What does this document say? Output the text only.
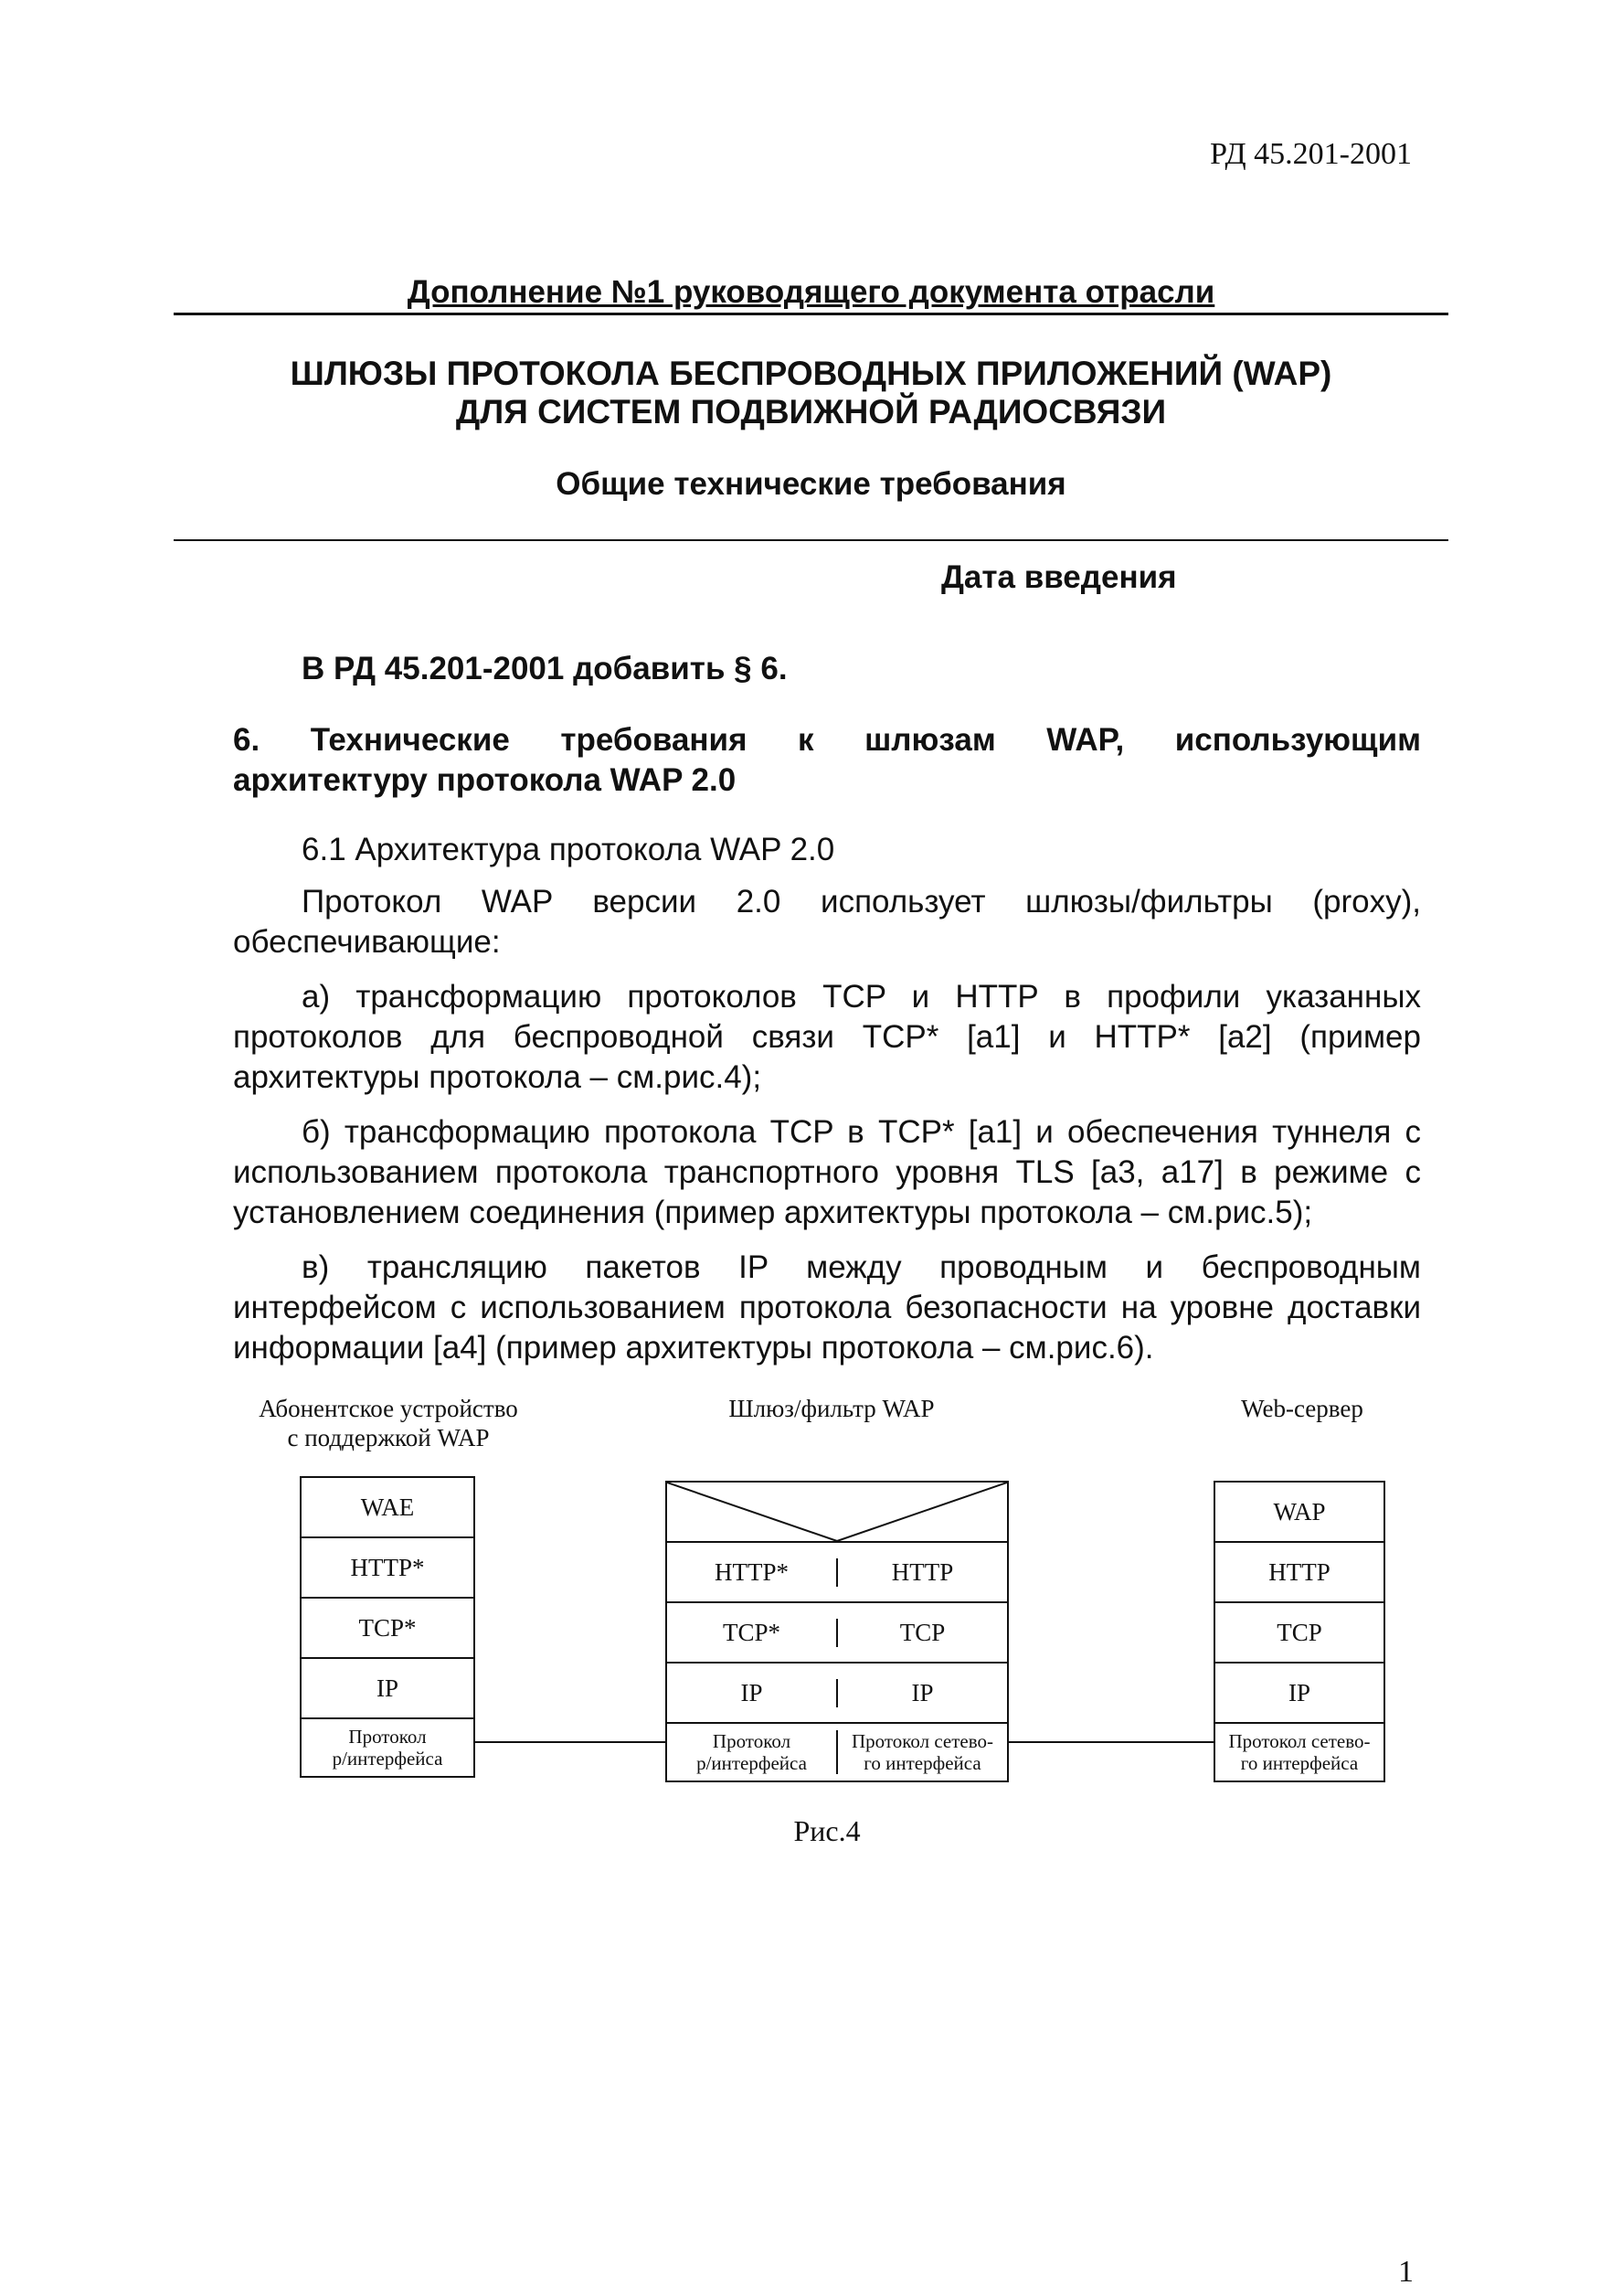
РД 45.201-2001
Дополнение №1 руководящего документа отрасли
ШЛЮЗЫ ПРОТОКОЛА БЕСПРОВОДНЫХ ПРИЛОЖЕНИЙ (WAP)
ДЛЯ СИСТЕМ ПОДВИЖНОЙ РАДИОСВЯЗИ
Общие технические требования
Дата введения
В РД 45.201-2001 добавить § 6.
6. Технические требования к шлюзам WAP, использующим
архитектуру протокола WAP 2.0
6.1 Архитектура протокола WAP 2.0
Протокол WAP версии 2.0 использует шлюзы/фильтры (proxy), обеспечивающие:
а) трансформацию протоколов TCP и HTTP в профили указанных протоколов для беспроводной связи TCP* [a1] и HTTP* [a2] (пример архитектуры протокола – см.рис.4);
б) трансформацию протокола TCP в TCP* [a1] и обеспечения туннеля с использованием протокола транспортного уровня TLS [a3, a17] в режиме с установлением соединения (пример архитектуры протокола – см.рис.5);
в) трансляцию пакетов IP между проводным и беспроводным интерфейсом с использованием протокола безопасности на уровне доставки информации [a4] (пример архитектуры протокола – см.рис.6).
Абонентское устройство
с поддержкой WAP
Шлюз/фильтр WAP	Web-сервер
WAE
HTTP*
TCP*
IP
Протокол
р/интерфейса
HTTP*	HTTP
TCP*	TCP
IP	IP
Протокол
р/интерфейса
Протокол сетево-
го интерфейса
WAP
HTTP
TCP
IP
Протокол сетево-
го интерфейса
Рис.4
1
